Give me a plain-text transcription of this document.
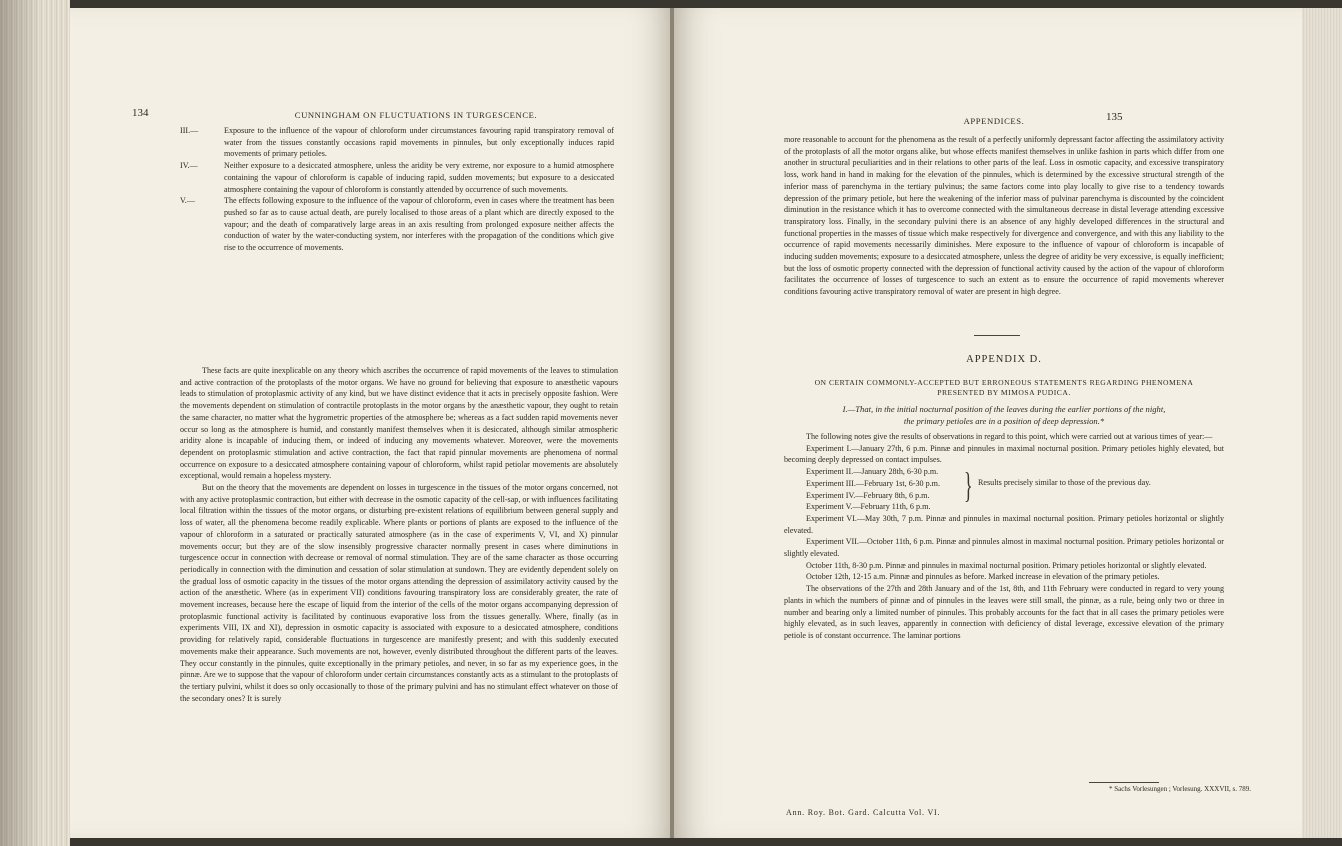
134	CUNNINGHAM ON FLUCTUATIONS IN TURGESCENCE.

III.—	Exposure to the influence of the vapour of chloroform under circumstances favouring rapid transpiratory removal of water from the tissues constantly occasions rapid movements in pinnules, but only exceptionally induces rapid movements of primary petioles.

IV.—	Neither exposure to a desiccated atmosphere, unless the aridity be very extreme, nor exposure to a humid atmosphere containing the vapour of chloroform is capable of inducing rapid, sudden movements; but exposure to a desiccated atmosphere containing the vapour of chloroform is constantly attended by occurrence of such movements.

V.—	The effects following exposure to the influence of the vapour of chloroform, even in cases where the treatment has been pushed so far as to cause actual death, are purely localised to those areas of a plant which are directly exposed to the vapour; and the death of comparatively large areas in an axis resulting from prolonged exposure neither affects the conduction of water by the water-conducting system, nor interferes with the propagation of the conditions which give rise to the occurrence of movements.

These facts are quite inexplicable on any theory which ascribes the occurrence of rapid movements of the leaves to stimulation and active contraction of the protoplasts of the motor organs. We have no ground for believing that exposure to anæsthetic vapours leads to stimulation of protoplasmic activity of any kind, but we have distinct evidence that it acts in precisely opposite fashion. Were the movements dependent on stimulation of contractile protoplasts in the motor organs by the anæsthetic vapour, they ought to retain the same character, no matter what the hygrometric properties of the atmosphere be; whereas as a fact sudden rapid movements never occur so long as the atmosphere is humid, and constantly manifest themselves when it is desiccated, although similar atmospheric aridity alone is incapable of inducing them, or indeed of inducing any movements whatever. Moreover, were the movements dependent on protoplasmic stimulation and active contraction, the fact that rapid pinnular movements are phenomena of normal occurrence on exposure to a desiccated atmosphere containing vapour of chloroform, whilst rapid petiolar movements are absolutely exceptional, would remain a hopeless mystery.

But on the theory that the movements are dependent on losses in turgescence in the tissues of the motor organs concerned, not with any active protoplasmic contraction, but either with decrease in the osmotic capacity of the cell-sap, or with influences facilitating local filtration within the tissues of the motor organs, or disturbing pre-existent relations of equilibrium between general supply and loss of water, all the phenomena become readily explicable. Where plants or portions of plants are exposed to the influence of the vapour of chloroform in a saturated or practically saturated atmosphere (as in the case of experiments V, VI, and X) pinnular movements occur; but they are of the slow insensibly progressive character normally present in cases where diminutions in turgescence occur in connection with decrease or removal of normal stimulation. They are of the same character as those occurring periodically in connection with the diminution and cessation of solar stimulation at sundown. They are evidently dependent solely on the gradual loss of osmotic capacity in the tissues of the motor organs attending the depression of assimilatory activity caused by the action of the anæsthetic. Where (as in experiment VII) conditions favouring transpiratory loss are considerably greater, the rate of movement increases, because here the escape of liquid from the interior of the cells of the motor organs accompanying depression of protoplasmic functional activity is facilitated by continuous evaporative loss from the tissues generally. Where, finally (as in experiments VIII, IX and XI), depression in osmotic capacity is associated with exposure to a desiccated atmosphere, conditions providing for relatively rapid, considerable fluctuations in turgescence are manifestly present; and with this suddenly executed movements make their appearance. Such movements are not, however, evenly distributed throughout the different parts of the leaves. They occur constantly in the pinnules, quite exceptionally in the primary petioles, and never, in so far as my experience goes, in the pinnæ. Are we to suppose that the vapour of chloroform under certain circumstances constantly acts as a stimulant to the protoplasts of the tertiary pulvini, whilst it does so only occasionally to those of the primary pulvini and has no stimulant effect whatever on those of the secondary ones? It is surely

APPENDICES.	135

more reasonable to account for the phenomena as the result of a perfectly uniformly depressant factor affecting the assimilatory activity of the protoplasts of all the motor organs alike, but whose effects manifest themselves in unlike fashion in parts which differ from one another in structural peculiarities and in their relations to other parts of the leaf. Loss in osmotic capacity, and excessive transpiratory loss, work hand in hand in making for the elevation of the pinnules, which is determined by the excessive structural strength of the inferior mass of parenchyma in the tertiary pulvinus; the same factors come into play locally to give rise to a tendency towards depression of the primary petiole, but here the weakening of the inferior mass of pulvinar parenchyma is discounted by the coincident diminution in the resistance which it has to overcome connected with the simultaneous decrease in distal leverage attending excessive transpiratory loss. Finally, in the secondary pulvini there is an absence of any highly developed differences in the structural and functional properties in the masses of tissue which make respectively for divergence and convergence, and with this any liability to the occurrence of rapid movements necessarily diminishes. Mere exposure to the influence of vapour of chloroform is incapable of inducing sudden movements; exposure to a desiccated atmosphere, unless the degree of aridity be very excessive, is equally inefficient; but the loss of osmotic property connected with the depression of functional activity caused by the action of the vapour of chloroform facilitates the occurrence of losses of turgescence to such an extent as to ensure the occurrence of rapid movements wherever conditions favouring active transpiratory removal of water are present in high degree.

APPENDIX D.
ON CERTAIN COMMONLY-ACCEPTED BUT ERRONEOUS STATEMENTS REGARDING PHENOMENA
PRESENTED BY MIMOSA PUDICA.
I.—That, in the initial nocturnal position of the leaves during the earlier portions of the night,
the primary petioles are in a position of deep depression.*

The following notes give the results of observations in regard to this point, which were carried out at various times of year:—

Experiment I.—January 27th, 6 p.m. Pinnæ and pinnules in maximal nocturnal position. Primary petioles highly elevated, but becoming deeply depressed on contact impulses.

Experiment II.—January 28th, 6-30 p.m.
Experiment III.—February 1st, 6-30 p.m.
Experiment IV.—February 8th, 6 p.m.
Experiment V.—February 11th, 6 p.m.
} Results precisely similar to those of the previous day.

Experiment VI.—May 30th, 7 p.m. Pinnæ and pinnules in maximal nocturnal position. Primary petioles horizontal or slightly elevated.

Experiment VII.—October 11th, 6 p.m. Pinnæ and pinnules almost in maximal nocturnal position. Primary petioles horizontal or slightly elevated.

October 11th, 8-30 p.m. Pinnæ and pinnules in maximal nocturnal position. Primary petioles horizontal or slightly elevated.

October 12th, 12-15 a.m. Pinnæ and pinnules as before. Marked increase in elevation of the primary petioles.

The observations of the 27th and 28th January and of the 1st, 8th, and 11th February were conducted in regard to very young plants in which the numbers of pinnæ and of pinnules in the leaves were still small, the pinnæ, as a rule, being only two or three in number and bearing only a limited number of pinnules. This probably accounts for the fact that in all cases the primary petioles were highly elevated, as in such leaves, apparently in connection with deficiency of distal leverage, excessive elevation of the primary petiole is of constant occurrence. The laminar portions

* Sachs Vorlesungen ; Vorlesung. XXXVII, s. 789.
Ann. Roy. Bot. Gard. Calcutta Vol. VI.
